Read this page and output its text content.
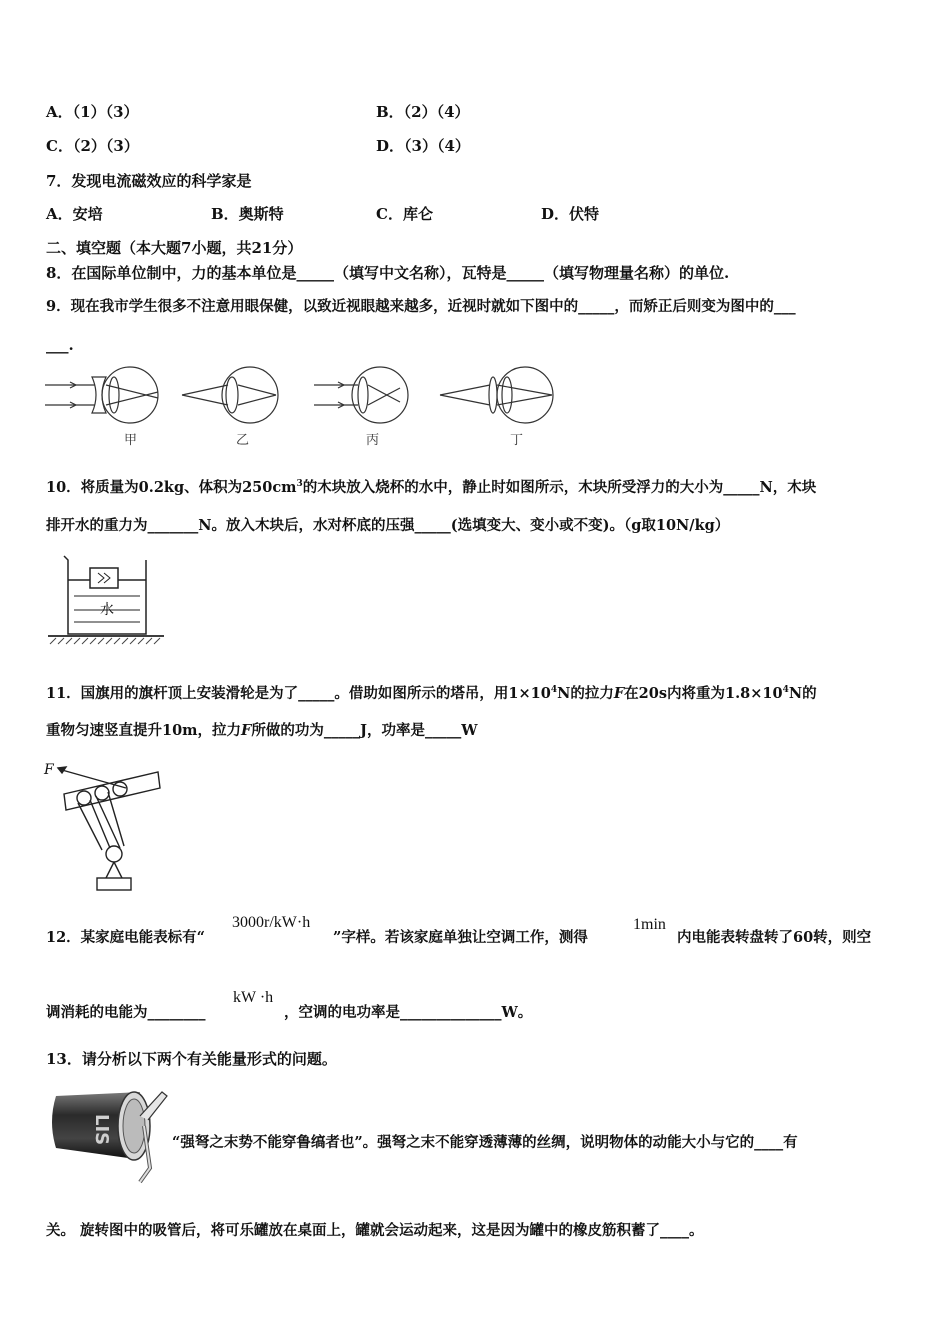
A．（1）（3）	B．（2）（4）
C．（2）（3）	D．（3）（4）
7．发现电流磁效应的科学家是
A．安培	B．奥斯特	C．库仑	D．伏特
二、填空题（本大题7小题，共21分）
8．在国际单位制中，力的基本单位是_____（填写中文名称），瓦特是_____（填写物理量名称）的单位.
9．现在我市学生很多不注意用眼保健，以致近视眼越来越多，近视时就如下图中的_____，而矫正后则变为图中的___
___.
甲	乙	丙	丁
10．将质量为0.2kg、体积为$250cm^3$的木块放入烧杯的水中，静止时如图所示，木块所受浮力的大小为_____N，木块
排开水的重力为_______N。放入木块后，水对杯底的压强_____(选填变大、变小或不变)。（g取10N/kg）
水
11．国旗用的旗杆顶上安装滑轮是为了_____。借助如图所示的塔吊，用$1\times 10^4N$的拉力F在20s内将重为$1.8\times 10^4N$的
重物匀速竖直提升10m，拉力F所做的功为_____J，功率是_____W
F
12．某家庭电能表标有“
3000r/kW·h
”字样。若该家庭单独让空调工作，测得
1min
内电能表转盘转了60转，则空
调消耗的电能为________
kW ·h
，空调的电功率是______________W。
13．请分析以下两个有关能量形式的问题。
LIS	“强弩之末势不能穿鲁缟者也”。强弩之末不能穿透薄薄的丝绸，说明物体的动能大小与它的____有
关。 旋转图中的吸管后，将可乐罐放在桌面上，罐就会运动起来，这是因为罐中的橡皮筋积蓄了____。
